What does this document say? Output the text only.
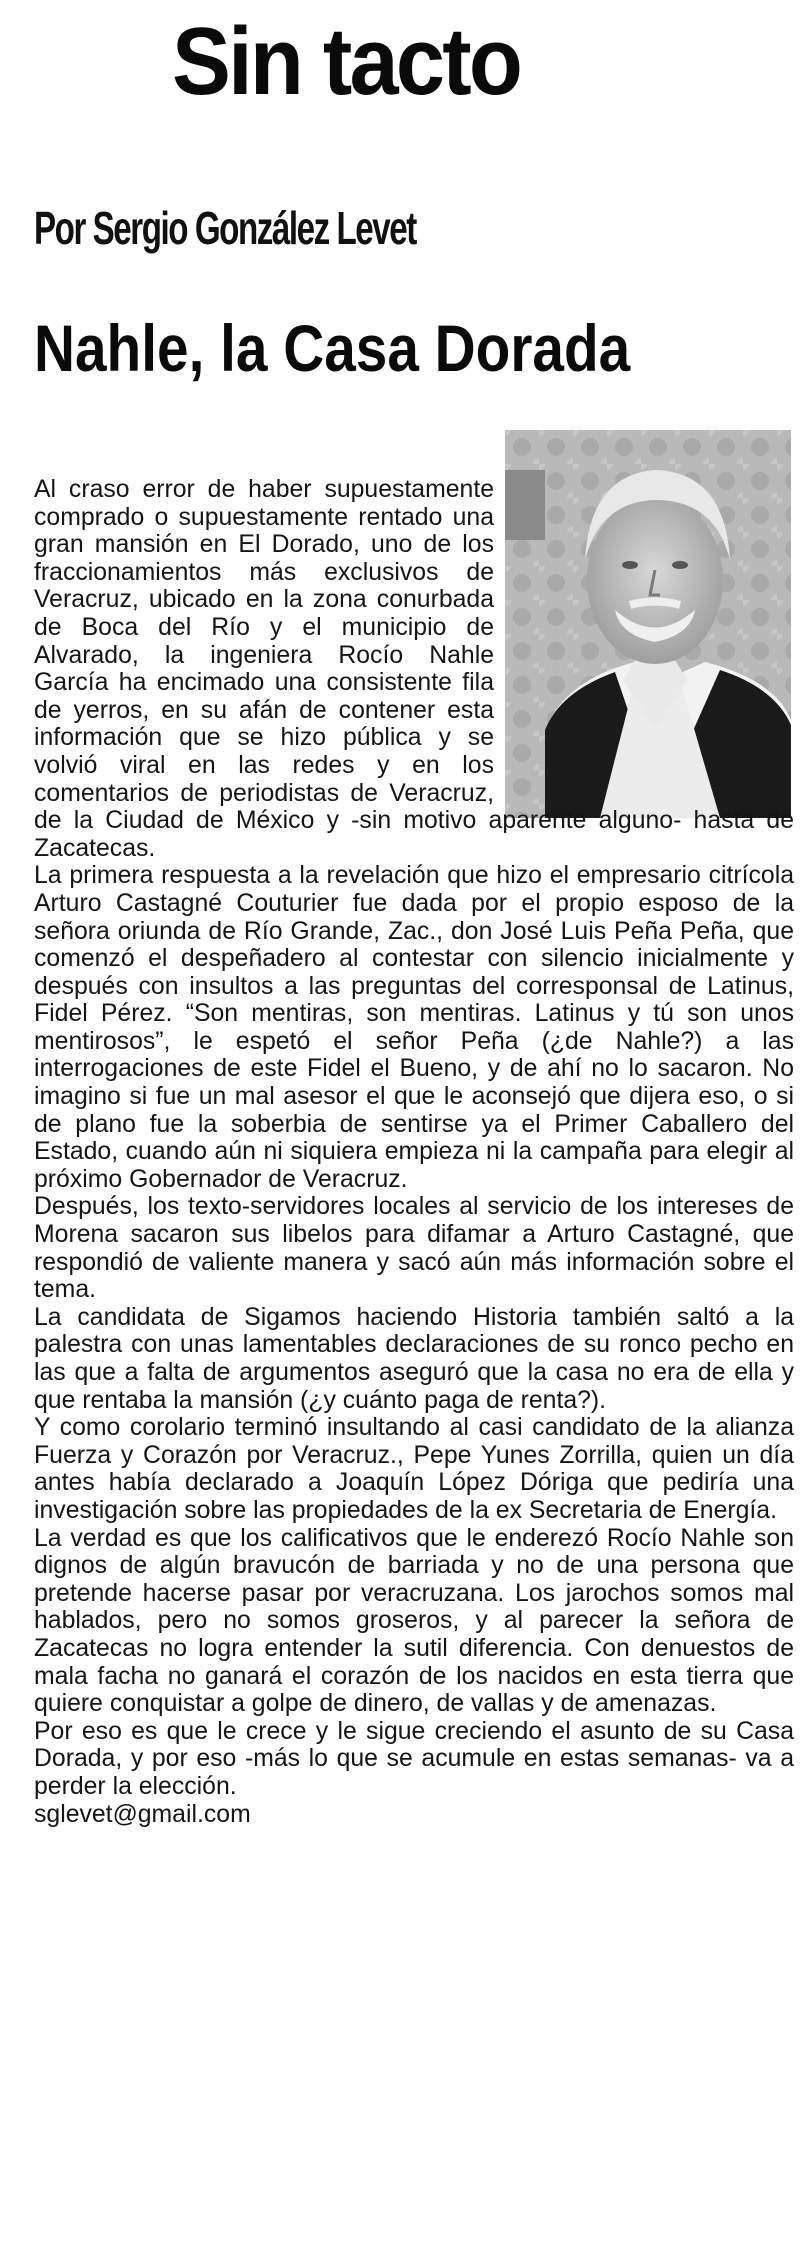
Sin tacto
Por Sergio González Levet
Nahle, la Casa Dorada

Al craso error de haber supuestamente comprado o supuestamente rentado una gran mansión en El Dorado, uno de los fraccionamientos más exclusivos de Veracruz, ubicado en la zona conurbada de Boca del Río y el municipio de Alvarado, la ingeniera Rocío Nahle García ha encimado una consistente fila de yerros, en su afán de contener esta información que se hizo pública y se volvió viral en las redes y en los comentarios de periodistas de Veracruz, de la Ciudad de México y -sin motivo aparente alguno- hasta de Zacatecas.

La primera respuesta a la revelación que hizo el empresario citrícola Arturo Castagné Couturier fue dada por el propio esposo de la señora oriunda de Río Grande, Zac., don José Luis Peña Peña, que comenzó el despeñadero al contestar con silencio inicialmente y después con insultos a las preguntas del corresponsal de Latinus, Fidel Pérez. “Son mentiras, son mentiras. Latinus y tú son unos mentirosos”, le espetó el señor Peña (¿de Nahle?) a las interrogaciones de este Fidel el Bueno, y de ahí no lo sacaron. No imagino si fue un mal asesor el que le aconsejó que dijera eso, o si de plano fue la soberbia de sentirse ya el Primer Caballero del Estado, cuando aún ni siquiera empieza ni la campaña para elegir al próximo Gobernador de Veracruz.

Después, los texto-servidores locales al servicio de los intereses de Morena sacaron sus libelos para difamar a Arturo Castagné, que respondió de valiente manera y sacó aún más información sobre el tema.

La candidata de Sigamos haciendo Historia también saltó a la palestra con unas lamentables declaraciones de su ronco pecho en las que a falta de argumentos aseguró que la casa no era de ella y que rentaba la mansión (¿y cuánto paga de renta?).

Y como corolario terminó insultando al casi candidato de la alianza Fuerza y Corazón por Veracruz., Pepe Yunes Zorrilla, quien un día antes había declarado a Joaquín López Dóriga que pediría una investigación sobre las propiedades de la ex Secretaria de Energía.

La verdad es que los calificativos que le enderezó Rocío Nahle son dignos de algún bravucón de barriada y no de una persona que pretende hacerse pasar por veracruzana. Los jarochos somos mal hablados, pero no somos groseros, y al parecer la señora de Zacatecas no logra entender la sutil diferencia. Con denuestos de mala facha no ganará el corazón de los nacidos en esta tierra que quiere conquistar a golpe de dinero, de vallas y de amenazas.

Por eso es que le crece y le sigue creciendo el asunto de su Casa Dorada, y por eso -más lo que se acumule en estas semanas- va a perder la elección.

sglevet@gmail.com
